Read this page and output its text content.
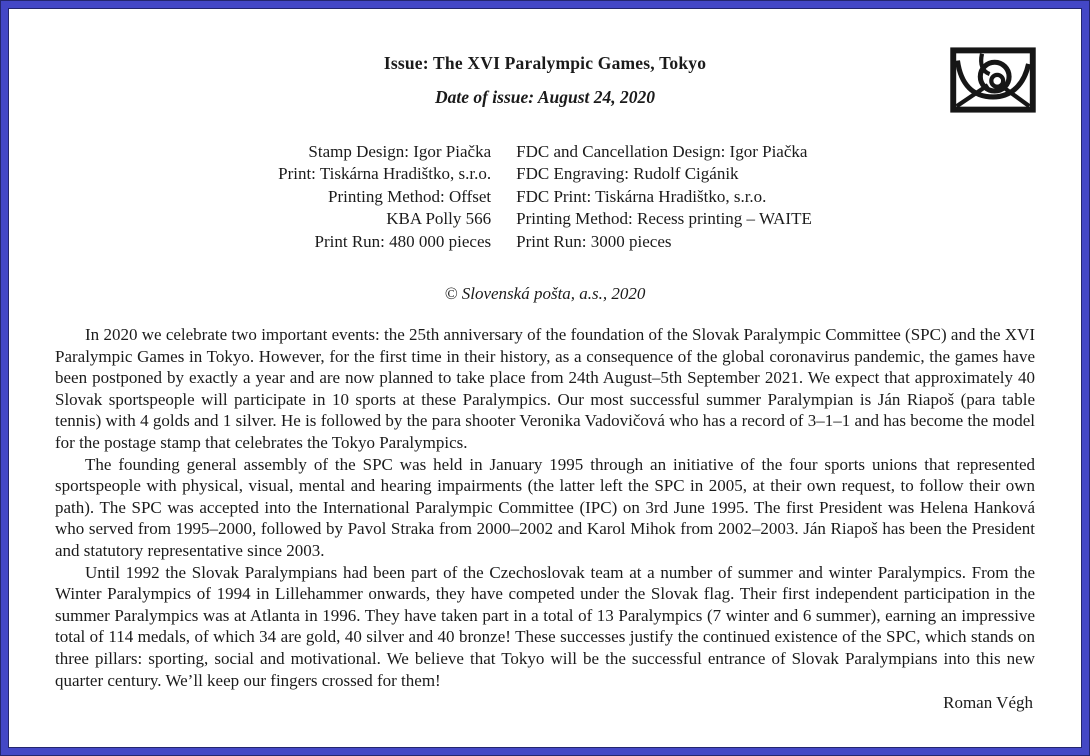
Issue: The XVI Paralympic Games, Tokyo
Date of issue: August 24, 2020
Stamp Design: Igor Piačka
Print: Tiskárna Hradištko, s.r.o.
Printing Method: Offset
KBA Polly 566
Print Run: 480 000 pieces
FDC and Cancellation Design: Igor Piačka
FDC Engraving: Rudolf Cigánik
FDC Print: Tiskárna Hradištko, s.r.o.
Printing Method: Recess printing – WAITE
Print Run: 3000 pieces
© Slovenská pošta, a.s., 2020

In 2020 we celebrate two important events: the 25th anniversary of the foundation of the Slovak Paralympic Committee (SPC) and the XVI Paralympic Games in Tokyo. However, for the first time in their history, as a consequence of the global coronavirus pandemic, the games have been postponed by exactly a year and are now planned to take place from 24th August–5th September 2021. We expect that approximately 40 Slovak sportspeople will participate in 10 sports at these Paralympics. Our most successful summer Paralympian is Ján Riapoš (para table tennis) with 4 golds and 1 silver. He is followed by the para shooter Veronika Vadovičová who has a record of 3–1–1 and has become the model for the postage stamp that celebrates the Tokyo Paralympics.

The founding general assembly of the SPC was held in January 1995 through an initiative of the four sports unions that represented sportspeople with physical, visual, mental and hearing impairments (the latter left the SPC in 2005, at their own request, to follow their own path). The SPC was accepted into the International Paralympic Committee (IPC) on 3rd June 1995. The first President was Helena Hanková who served from 1995–2000, followed by Pavol Straka from 2000–2002 and Karol Mihok from 2002–2003. Ján Riapoš has been the President and statutory representative since 2003.

Until 1992 the Slovak Paralympians had been part of the Czechoslovak team at a number of summer and winter Paralympics. From the Winter Paralympics of 1994 in Lillehammer onwards, they have competed under the Slovak flag. Their first independent participation in the summer Paralympics was at Atlanta in 1996. They have taken part in a total of 13 Paralympics (7 winter and 6 summer), earning an impressive total of 114 medals, of which 34 are gold, 40 silver and 40 bronze! These successes justify the continued existence of the SPC, which stands on three pillars: sporting, social and motivational. We believe that Tokyo will be the successful entrance of Slovak Paralympians into this new quarter century. We’ll keep our fingers crossed for them!

Roman Végh
